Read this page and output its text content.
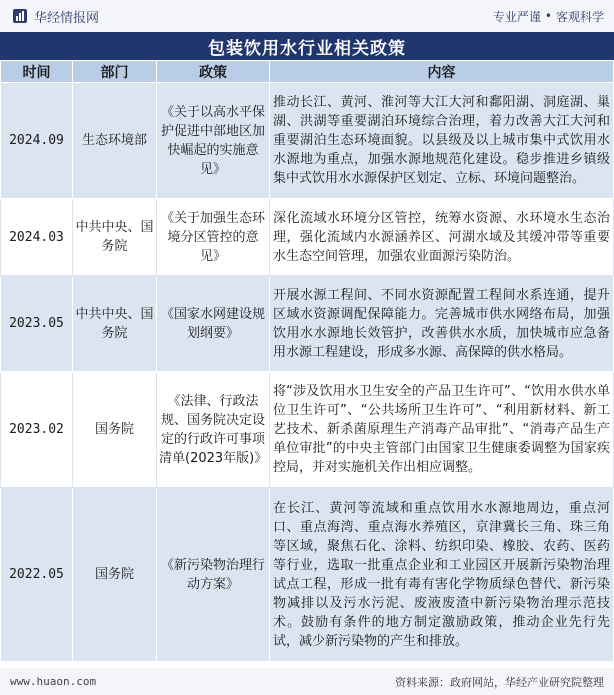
华经情报网	专业严谨 • 客观科学
包装饮用水行业相关政策
时间	部门	政策	内容
2024.09	生态环境部	《关于以高水平保护促进中部地区加快崛起的实施意见》	推动长江、黄河、淮河等大江大河和鄱阳湖、洞庭湖、巢湖、洪湖等重要湖泊环境综合治理，着力改善大江大河和重要湖泊生态环境面貌。以县级及以上城市集中式饮用水水源地为重点，加强水源地规范化建设。稳步推进乡镇级集中式饮用水水源保护区划定、立标、环境问题整治。
2024.03	中共中央、国务院	《关于加强生态环境分区管控的意见》	深化流域水环境分区管控，统筹水资源、水环境水生态治理，强化流域内水源涵养区、河湖水域及其缓冲带等重要水生态空间管理，加强农业面源污染防治。
2023.05	中共中央、国务院	《国家水网建设规划纲要》	开展水源工程间、不同水资源配置工程间水系连通，提升区域水资源调配保障能力。完善城市供水网络布局，加强饮用水水源地长效管护，改善供水水质，加快城市应急备用水源工程建设，形成多水源、高保障的供水格局。
2023.02	国务院	《法律、行政法规、国务院决定设定的行政许可事项清单(2023年版)》	将“涉及饮用水卫生安全的产品卫生许可”、“饮用水供水单位卫生许可”、“公共场所卫生许可”、“利用新材料、新工艺技术、新杀菌原理生产消毒产品审批”、“消毒产品生产单位审批”的中央主管部门由国家卫生健康委调整为国家疾控局，并对实施机关作出相应调整。
2022.05	国务院	《新污染物治理行动方案》	在长江、黄河等流域和重点饮用水水源地周边，重点河口、重点海湾、重点海水养殖区，京津冀长三角、珠三角等区域，聚焦石化、涂料、纺织印染、橡胶、农药、医药等行业，选取一批重点企业和工业园区开展新污染物治理试点工程，形成一批有毒有害化学物质绿色替代、新污染物减排以及污水污泥、废液废渣中新污染物治理示范技术。鼓励有条件的地方制定激励政策，推动企业先行先试，减少新污染物的产生和排放。
www.huaon.com	资料来源：政府网站，华经产业研究院整理
